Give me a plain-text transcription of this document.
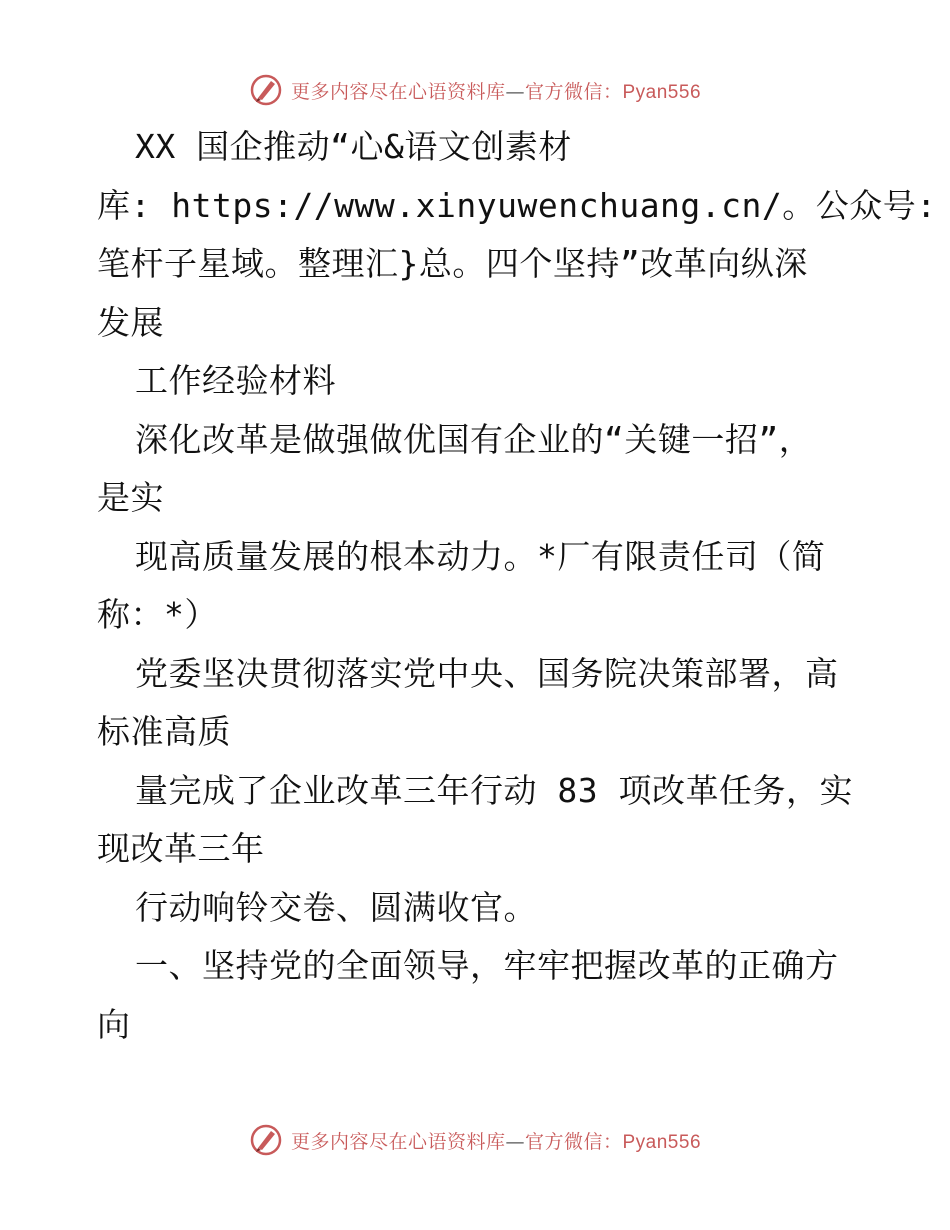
更多内容尽在心语资料库—官方微信：Pyan556
XX 国企推动“心&语文创素材
库: https://www.xinyuwenchuang.cn/。公众号:
笔杆子星域。整理汇}总。四个坚持”改革向纵深
发展
工作经验材料
深化改革是做强做优国有企业的“关键一招”，
是实
现高质量发展的根本动力。*厂有限责任司（简
称：*）
党委坚决贯彻落实党中央、国务院决策部署，高
标准高质
量完成了企业改革三年行动 83 项改革任务，实
现改革三年
行动响铃交卷、圆满收官。
一、坚持党的全面领导，牢牢把握改革的正确方
向
更多内容尽在心语资料库—官方微信：Pyan556
